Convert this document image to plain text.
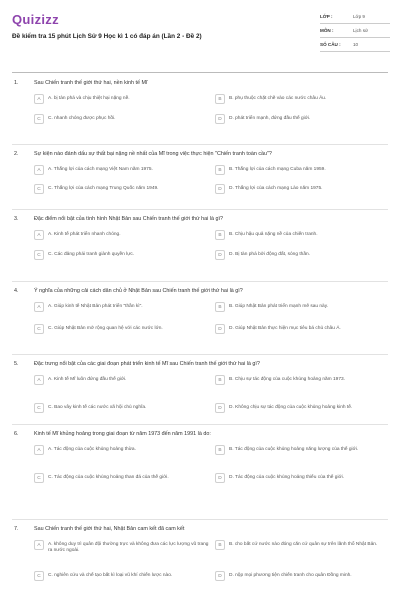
Quizizz
Đề kiểm tra 15 phút Lịch Sử 9 Học kì 1 có đáp án (Lần 2 - Đề 2)
LỚP :	Lớp 9
MÔN :	Lịch sử
SỐ CÂU :	10
1.	Sau Chiến tranh thế giới thứ hai, nền kinh tế Mĩ
A	A. bị tàn phá và chịu thiệt hại nặng nề.	B	B. phụ thuộc chặt chẽ vào các nước châu Âu.
C	C. nhanh chóng được phục hồi.	D	D. phát triển mạnh, đứng đầu thế giới.
2.	Sự kiện nào đánh dấu sự thất bại nặng nề nhất của Mĩ trong việc thực hiện "Chiến tranh toàn cầu"?
A	A. Thắng lợi của cách mạng Việt Nam năm 1975.	B	B. Thắng lợi của cách mạng Cuba năm 1959.
C	C. Thắng lợi của cách mạng Trung Quốc năm 1949.	D	D. Thắng lợi của cách mạng Lào năm 1975.
3.	Đặc điểm nổi bật của tình hình Nhật Bản sau Chiến tranh thế giới thứ hai là gì?
A	A. Kinh tế phát triển nhanh chóng.	B	B. Chịu hậu quả nặng nề của chiến tranh.
C	C. Các đảng phái tranh giành quyền lực.	D	D. Bị tàn phá bởi động đất, sóng thần.
4.	Ý nghĩa của những cải cách dân chủ ở Nhật Bản sau Chiến tranh thế giới thứ hai là gì?
A	A. Giúp kinh tế Nhật Bản phát triển "thần kì".	B	B. Giúp Nhật Bản phát triển mạnh mẽ sau này.
C	C. Giúp Nhật Bản mở rộng quan hệ với các nước lớn.	D	D. Giúp Nhật Bản thực hiện mục tiêu bá chủ châu Á.
5.	Đặc trưng nổi bật của các giai đoạn phát triển kinh tế Mĩ sau Chiến tranh thế giới thứ hai là gì?
A	A. Kinh tế Mĩ luôn đứng đầu thế giới.	B	B. Chịu sự tác động của cuộc khủng hoảng năm 1973.
C	C. Bao vây kinh tế các nước xã hội chủ nghĩa.	D	D. Không chịu sự tác động của cuộc khủng hoảng kinh tế.
6.	Kinh tế Mĩ khủng hoảng trong giai đoạn từ năm 1973 đến năm 1991 là do:
A	A. Tác động của cuộc khủng hoảng thừa.	B	B. Tác động của cuộc khủng hoảng năng lượng của thế giới.
C	C. Tác động của cuộc khủng hoảng than đá của thế giới.	D	D. Tác động của cuộc khủng hoảng thiếu của thế giới.
7.	Sau Chiến tranh thế giới thứ hai, Nhật Bản cam kết đã cam kết
A	A. không duy trì quân đội thường trực và không đưa các lực lượng vũ trang ra nước ngoài.
B	B. cho bất cứ nước nào đóng căn cứ quân sự trên lãnh thổ Nhật Bản.
C	C. nghiên cứu và chế tạo bất kì loại vũ khí chiến lược nào.	D	D. nộp mọi phương tiện chiến tranh cho quân Đồng minh.
